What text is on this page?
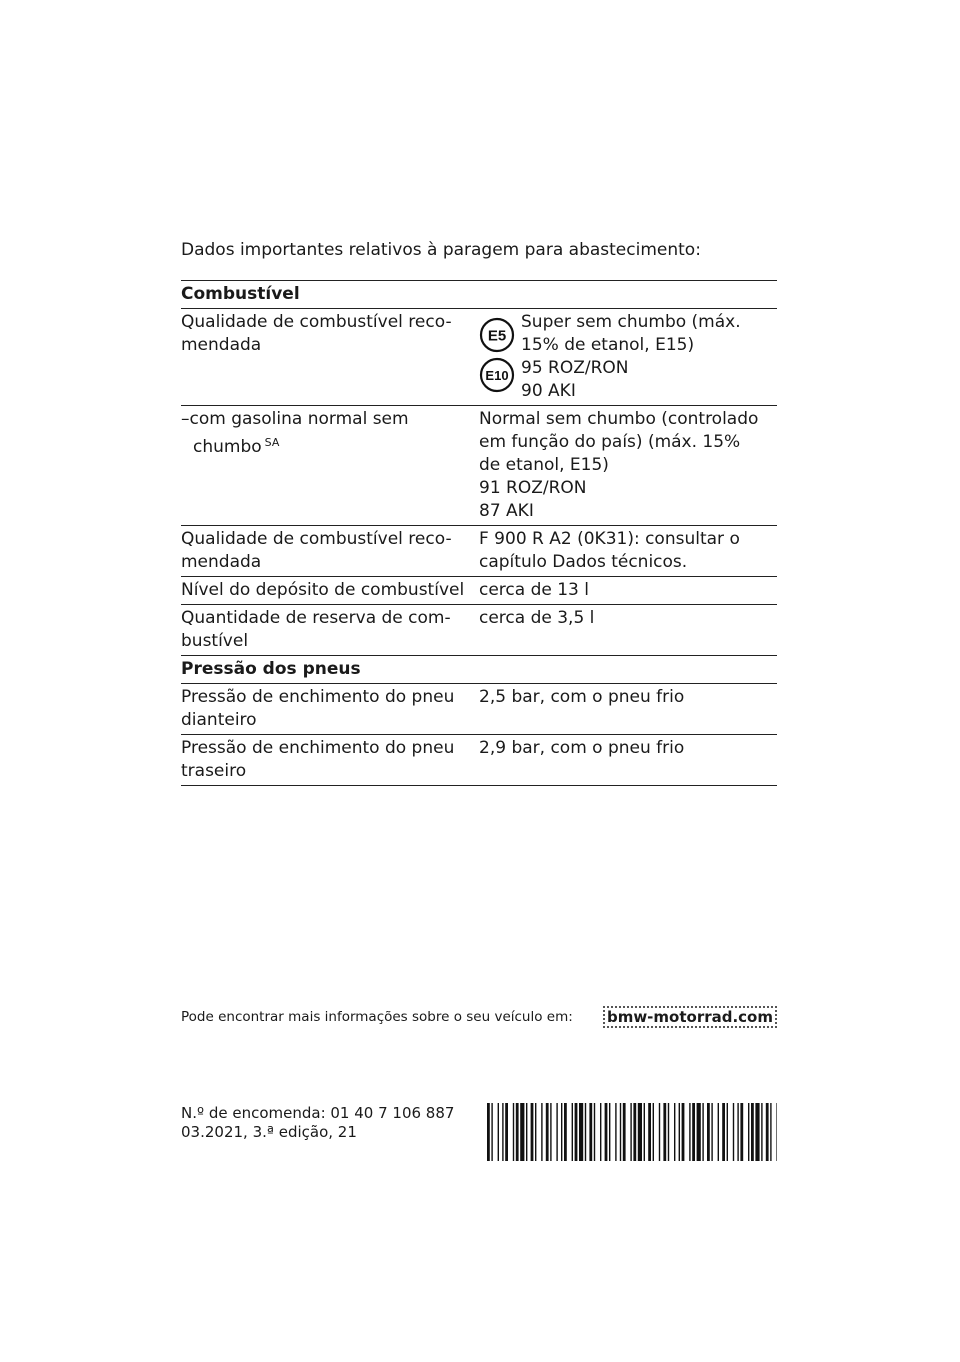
Dados importantes relativos à paragem para abastecimento:
Combustível
Qualidade de combustível reco-
mendada	E5
E10
Super sem chumbo (máx.
15% de etanol, E15)
95 ROZ/RON
90 AKI
–com gasolina normal sem
chumbo $^{SA}$
Normal sem chumbo (controlado
em função do país) (máx. 15%
de etanol, E15)
91 ROZ/RON
87 AKI
Qualidade de combustível reco-
mendada
F 900 R A2 (0K31): consultar o
capítulo Dados técnicos.
Nível do depósito de combustível cerca de 13 l
Quantidade de reserva de com-
bustível
cerca de 3,5 l
Pressão dos pneus
Pressão de enchimento do pneu
dianteiro
2,5 bar, com o pneu frio
Pressão de enchimento do pneu
traseiro
2,9 bar, com o pneu frio
Pode encontrar mais informações sobre o seu veículo em: bmw-motorrad.com
N.º de encomenda: 01 40 7 106 887
03.2021, 3.ª edição, 21
